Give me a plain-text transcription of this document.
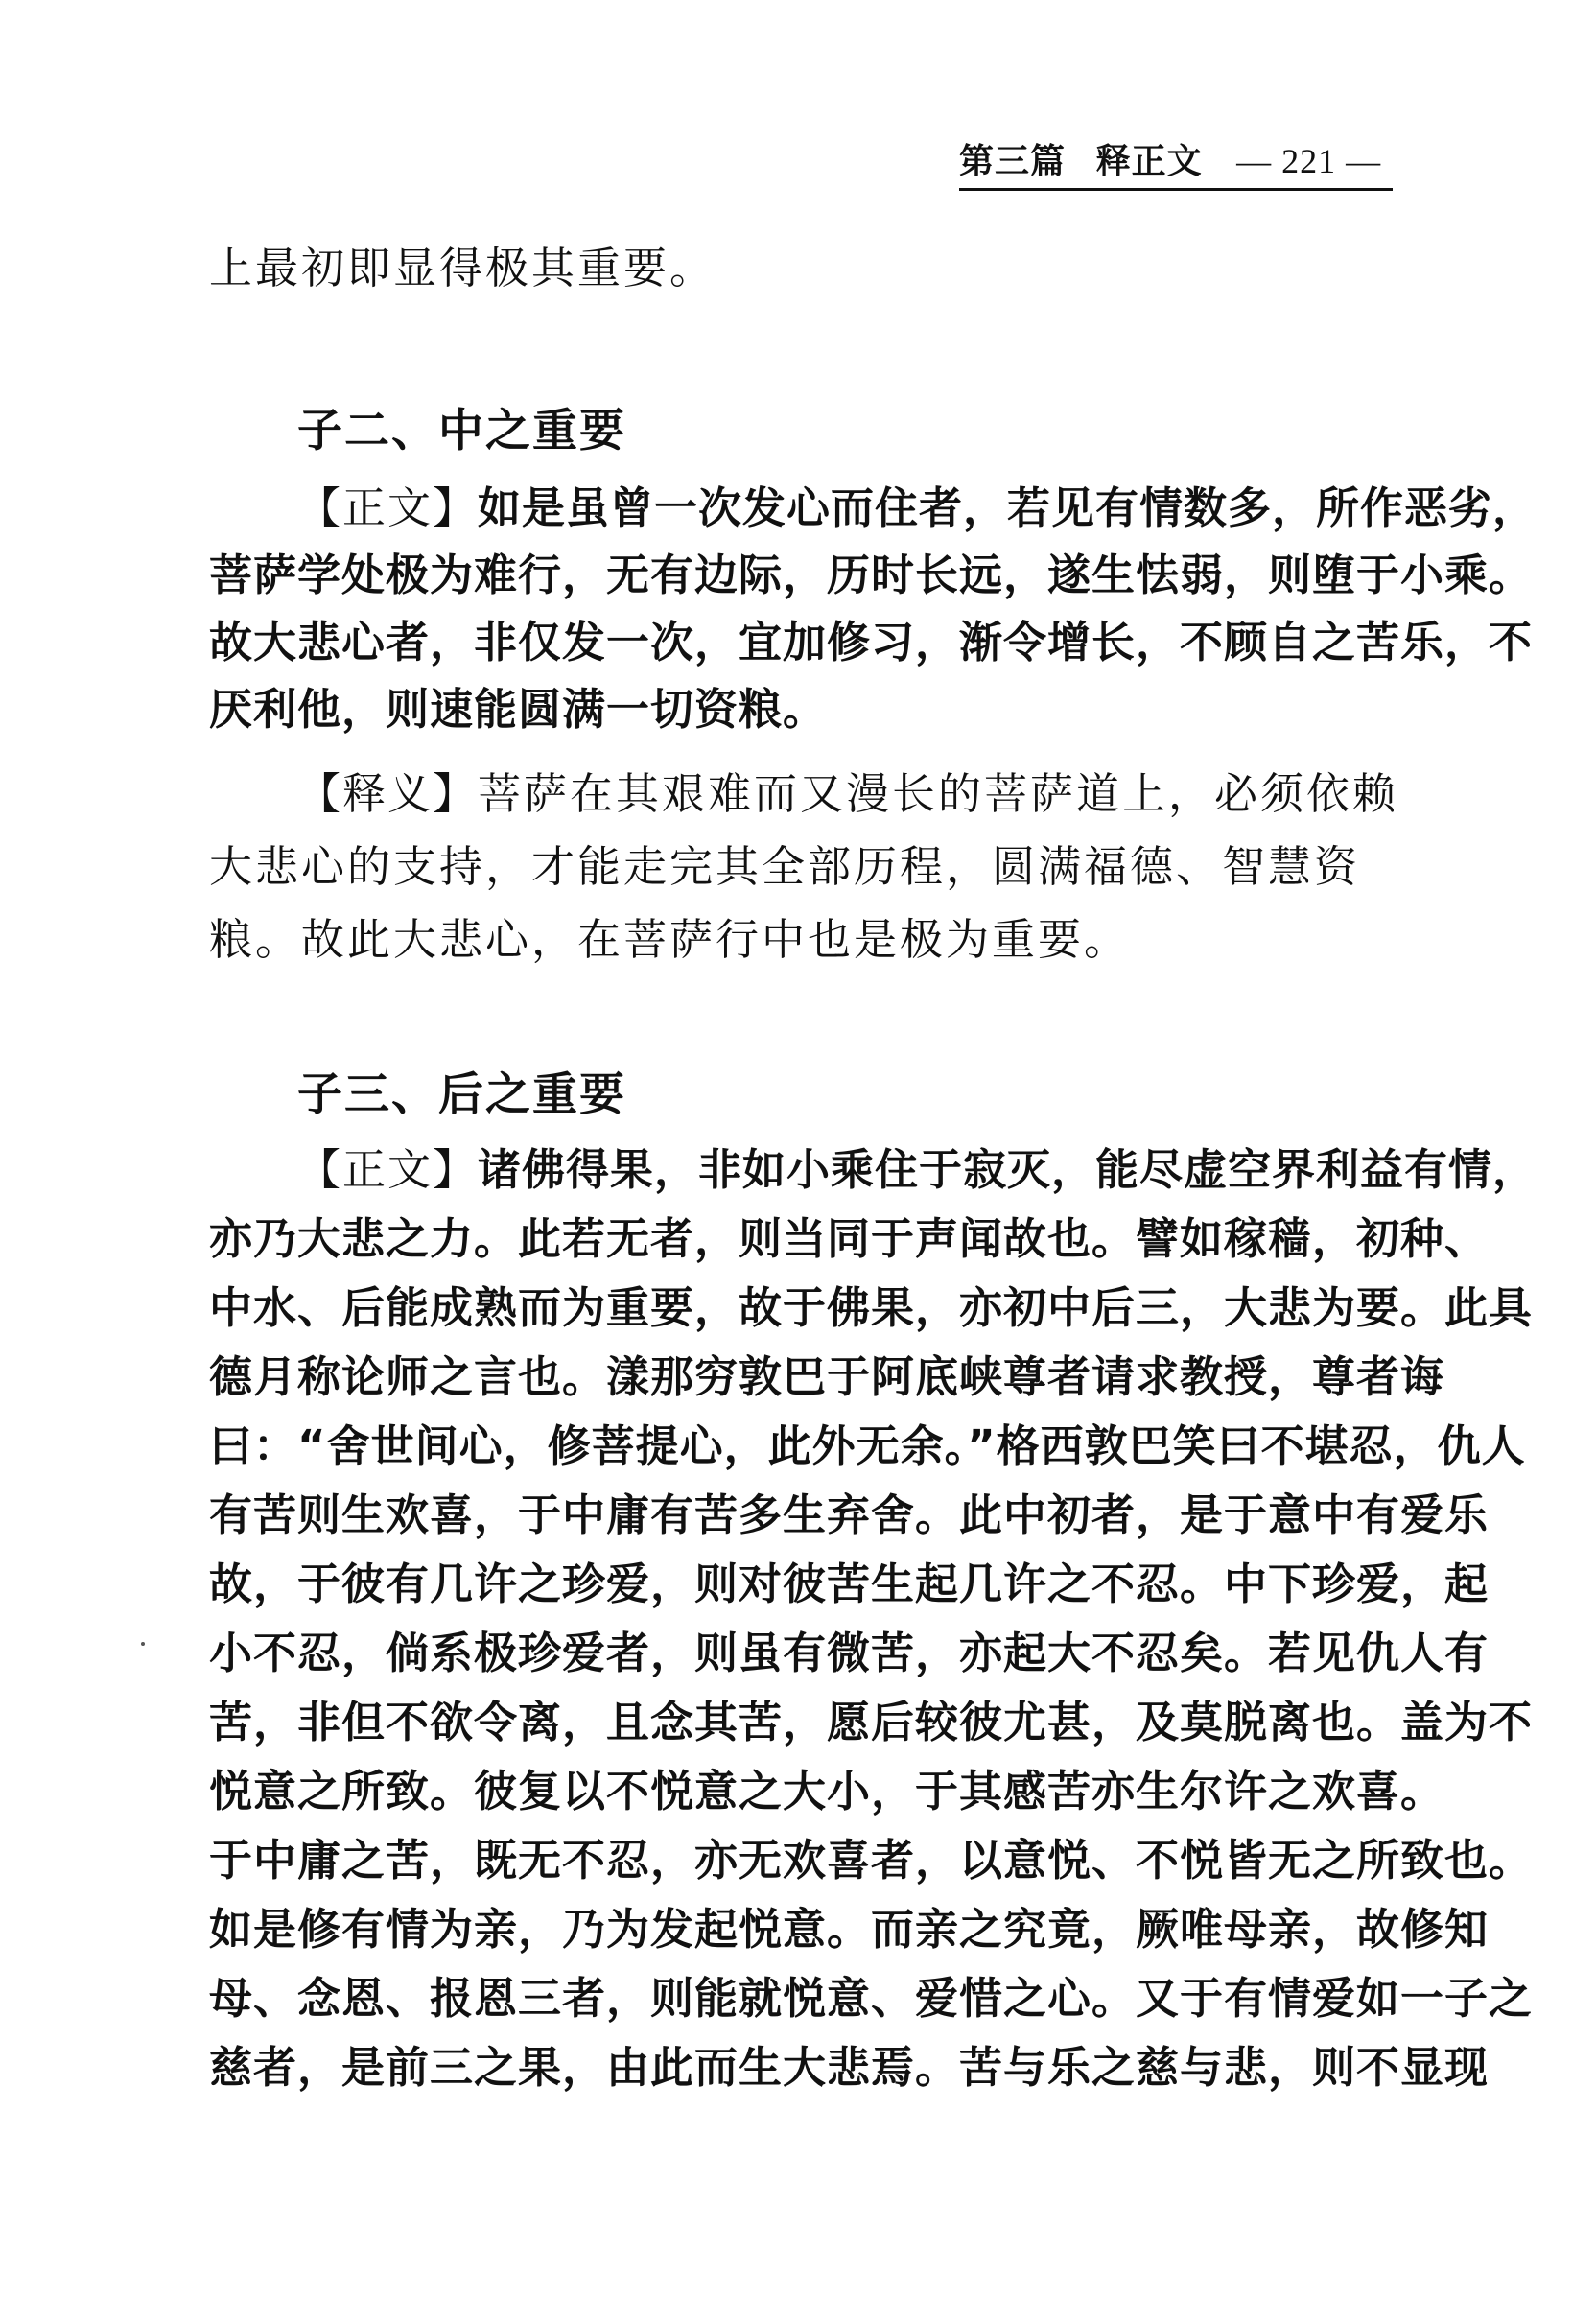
第三篇 释正文 — 221 —
上最初即显得极其重要。
子二、中之重要
【正文】如是虽曾一次发心而住者，若见有情数多，所作恶劣，
菩萨学处极为难行，无有边际，历时长远，遂生怯弱，则堕于小乘。
故大悲心者，非仅发一次，宜加修习，渐令增长，不顾自之苦乐，不
厌利他，则速能圆满一切资粮。
【释义】菩萨在其艰难而又漫长的菩萨道上，必须依赖
大悲心的支持，才能走完其全部历程，圆满福德、智慧资
粮。故此大悲心，在菩萨行中也是极为重要。
子三、后之重要
【正文】诸佛得果，非如小乘住于寂灭，能尽虚空界利益有情，
亦乃大悲之力。此若无者，则当同于声闻故也。譬如稼穑，初种、
中水、后能成熟而为重要，故于佛果，亦初中后三，大悲为要。此具
德月称论师之言也。漾那穷敦巴于阿底峡尊者请求教授，尊者诲
曰：“舍世间心，修菩提心，此外无余。”格西敦巴笑曰不堪忍，仇人
有苦则生欢喜，于中庸有苦多生弃舍。此中初者，是于意中有爱乐
故，于彼有几许之珍爱，则对彼苦生起几许之不忍。中下珍爱，起
小不忍，倘系极珍爱者，则虽有微苦，亦起大不忍矣。若见仇人有
苦，非但不欲令离，且念其苦，愿后较彼尤甚，及莫脱离也。盖为不
悦意之所致。彼复以不悦意之大小，于其感苦亦生尔许之欢喜。
于中庸之苦，既无不忍，亦无欢喜者，以意悦、不悦皆无之所致也。
如是修有情为亲，乃为发起悦意。而亲之究竟，厥唯母亲，故修知
母、念恩、报恩三者，则能就悦意、爱惜之心。又于有情爱如一子之
慈者，是前三之果，由此而生大悲焉。苦与乐之慈与悲，则不显现
